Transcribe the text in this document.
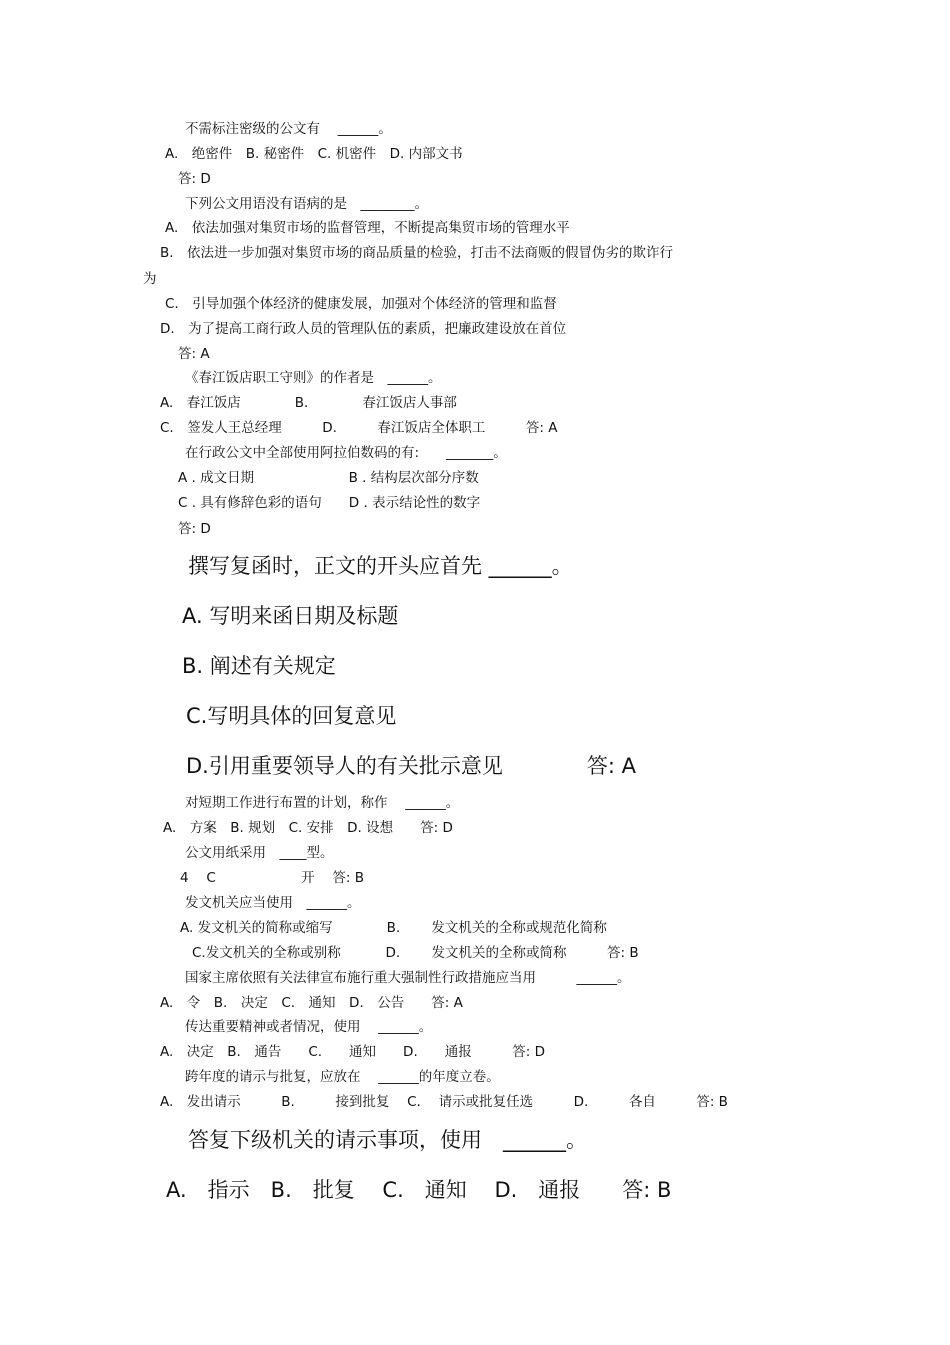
不需标注密级的公文有 　______。
A.　绝密件　B. 秘密件　C. 机密件　D. 内部文书
答: D
下列公文用语没有语病的是　________。
A.　依法加强对集贸市场的监督管理，不断提高集贸市场的管理水平
B.　依法进一步加强对集贸市场的商品质量的检验，打击不法商贩的假冒伪劣的欺诈行
为
C.　引导加强个体经济的健康发展，加强对个体经济的管理和监督
D.　为了提高工商行政人员的管理队伍的素质，把廉政建设放在首位
答: A
《春江饭店职工守则》的作者是　______。
A.　春江饭店　　　　B.　　　　春江饭店人事部
C.　签发人王总经理　　　D.　　　春江饭店全体职工　　　答: A
在行政公文中全部使用阿拉伯数码的有:　　_______。
A . 成文日期　　　　　　　B . 结构层次部分序数
C . 具有修辞色彩的语句　　D . 表示结论性的数字
答: D
撰写复函时，正文的开头应首先 ______。
A. 写明来函日期及标题
B. 阐述有关规定
C.写明具体的回复意见
D.引用重要领导人的有关批示意见　　　　答: A
对短期工作进行布置的计划，称作　 ______。
A.　方案　B. 规划　C. 安排　D. 设想　　答: D
公文用纸采用　____型。
4　 C　　　　　　 开　 答: B
发文机关应当使用　______。
A. 发文机关的简称或缩写　　　　B.　　 发文机关的全称或规范化简称
C.发文机关的全称或别称　　　 D.　　 发文机关的全称或简称　　　答: B
国家主席依照有关法律宣布施行重大强制性行政措施应当用　　　______。
A.　令　B.　决定　C.　通知　D.　公告　　答: A
传达重要精神或者情况，使用　 ______。
A.　决定　B.　通告　　C.　　通知　　D.　　通报　　　答: D
跨年度的请示与批复，应放在　 ______的年度立卷。
A.　发出请示　　　B.　　　接到批复　 C.　 请示或批复任选　　　D.　　　各自　　　答: B
答复下级机关的请示事项，使用　______。
A.　指示　B.　批复　 C.　通知　 D.　通报　　答: B
